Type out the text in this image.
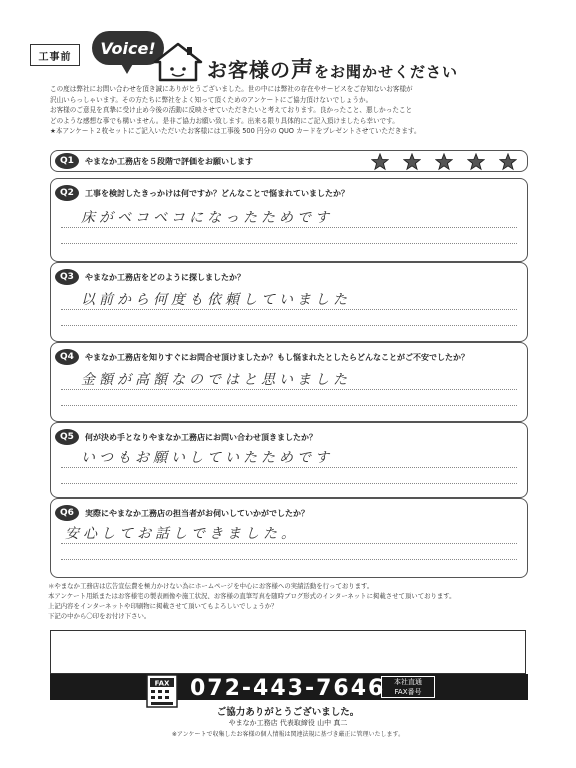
工事前	Voice!
お客様の声をお聞かせください

この度は弊社にお問い合わせを頂き誠にありがとうございました。世の中には弊社の存在やサービスをご存知ないお客様が

沢山いらっしゃいます。その方たちに弊社をよく知って頂くためのアンケートにご協力頂けないでしょうか。

お客様のご意見を真摯に受け止め今後の活動に反映させていただきたいと考えております。良かったこと、悪しかったこと

どのような感想な事でも構いません。是非ご協力お願い致します。出来る限り具体的にご記入頂けましたら幸いです。

★本アンケート２枚セットにご記入いただいたお客様には工事後 500 円分の QUO カードをプレゼントさせていただきます。

Q1	やまなか工務店を５段階で評価をお願いします
Q2	工事を検討したきっかけは何ですか？どんなことで悩まれていましたか？
床がベコベコになったためです
Q3	やまなか工務店をどのように探しましたか？
以前から何度も依頼していました
Q4	やまなか工務店を知りすぐにお問合せ頂けましたか？もし悩まれたとしたらどんなことがご不安でしたか？
金額が高額なのではと思いました
Q5	何が決め手となりやまなか工務店にお問い合わせ頂きましたか？
いつもお願いしていたためです
Q6	実際にやまなか工務店の担当者がお伺いしていかがでしたか？
安心してお話しできました。

＊やまなか工務店は広告宣伝費を極力かけない為にホームページを中心にお客様への実績活動を行っております。

本アンケート用紙またはお客様宅の製表画像や施工状況、お客様の直筆写真を随時ブログ形式のインターネットに掲載させて頂いております。

上記内容をインターネットや印刷物に掲載させて頂いてもよろしいでしょうか？

下記の中から〇印をお付け下さい。

FAX 072-443-7646	本社直通
FAX番号
ご協力ありがとうございました。
やまなか工務店 代表取締役 山中 真二
※アンケートで収集したお客様の個人情報は関連法規に基づき厳正に管理いたします。
